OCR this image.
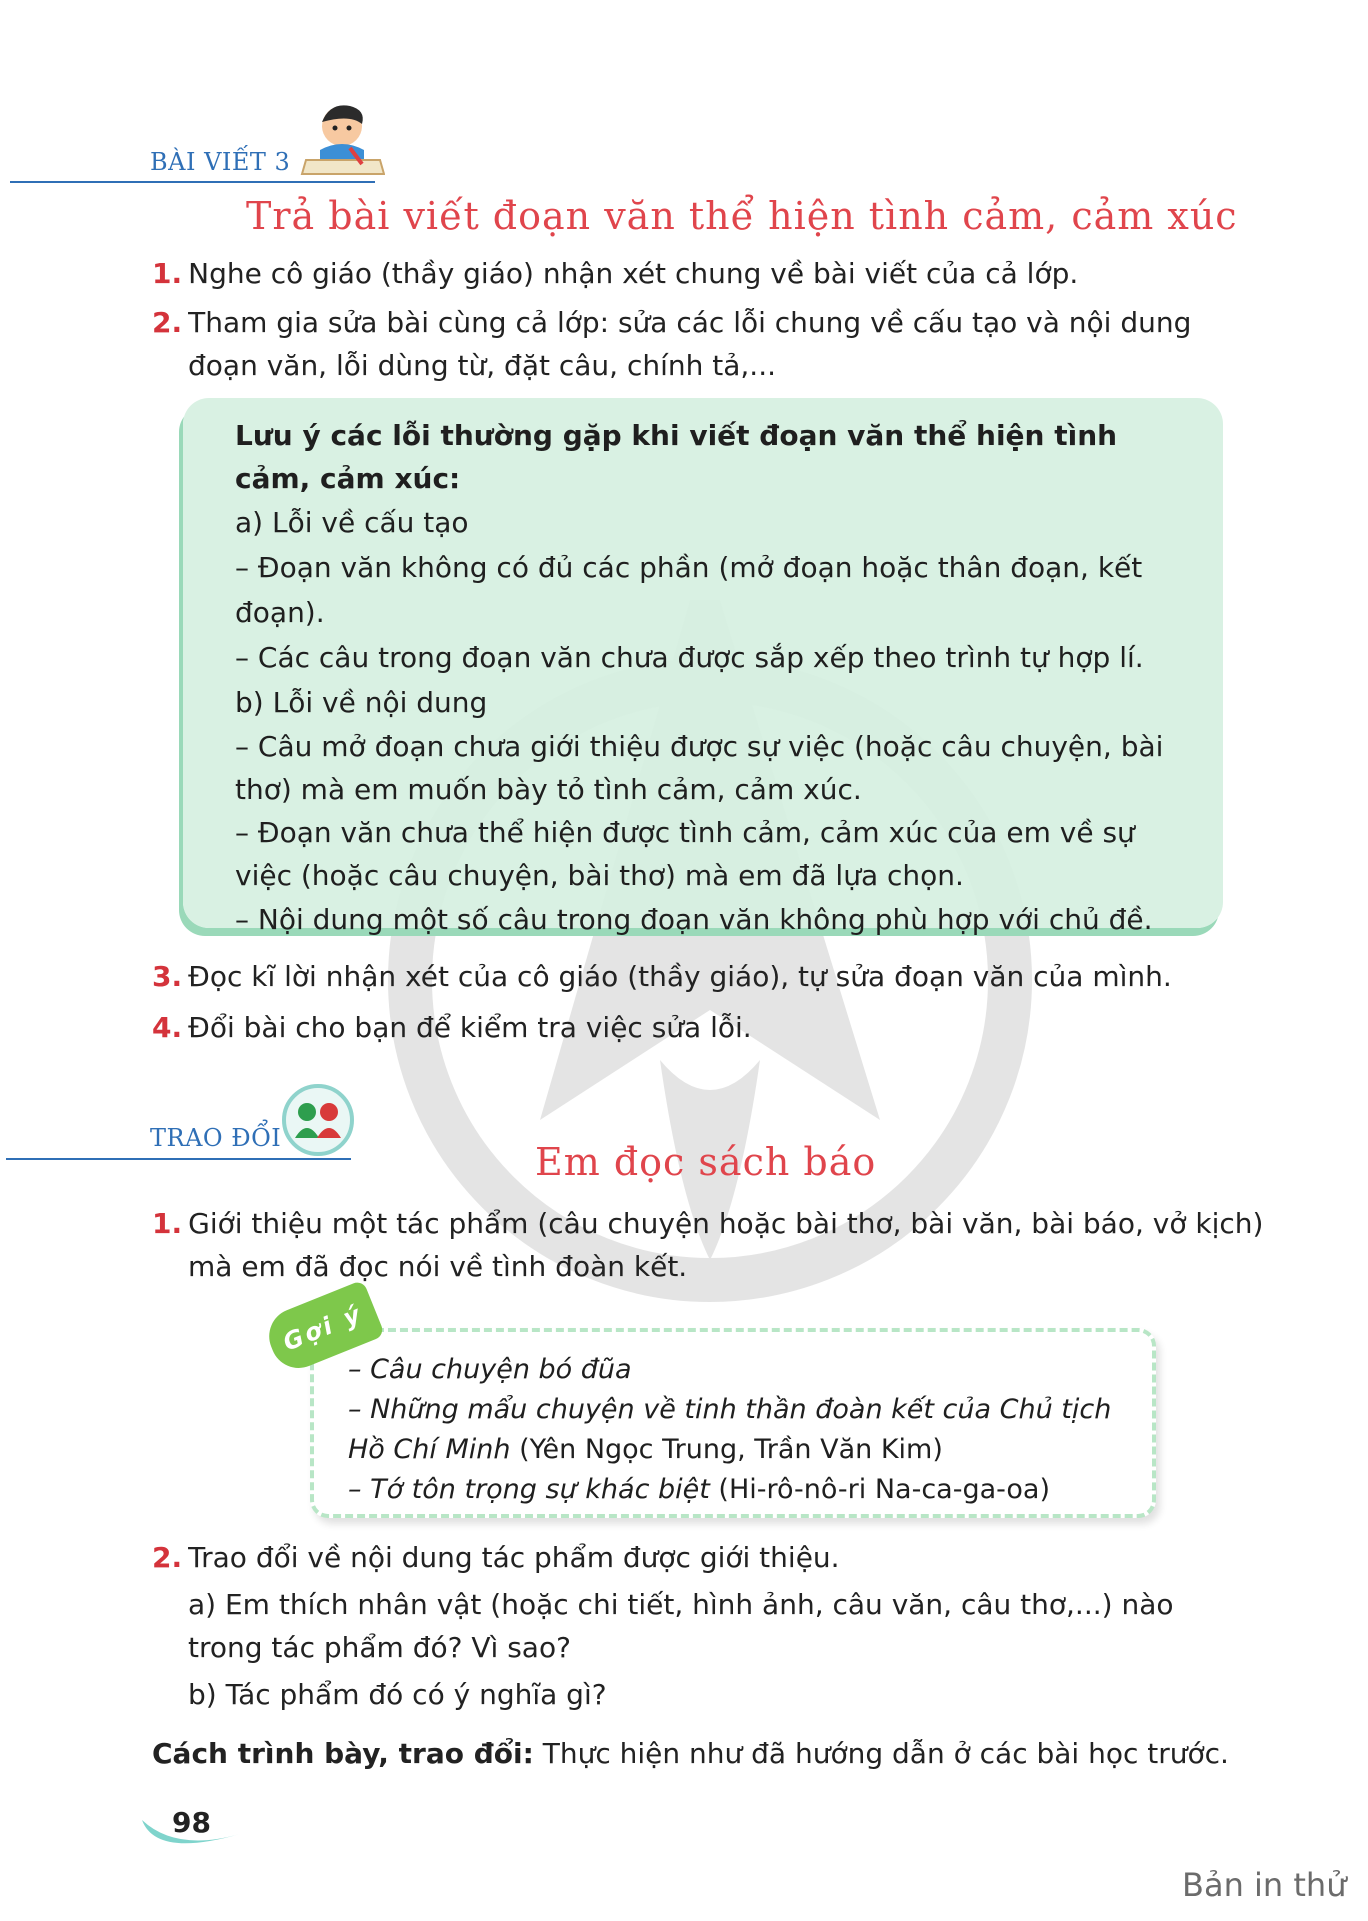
BÀI VIẾT 3
Trả bài viết đoạn văn thể hiện tình cảm, cảm xúc
1. Nghe cô giáo (thầy giáo) nhận xét chung về bài viết của cả lớp.
2. Tham gia sửa bài cùng cả lớp: sửa các lỗi chung về cấu tạo và nội dung đoạn văn, lỗi dùng từ, đặt câu, chính tả,...
Lưu ý các lỗi thường gặp khi viết đoạn văn thể hiện tình cảm, cảm xúc:
a) Lỗi về cấu tạo
– Đoạn văn không có đủ các phần (mở đoạn hoặc thân đoạn, kết đoạn).
– Các câu trong đoạn văn chưa được sắp xếp theo trình tự hợp lí.
b) Lỗi về nội dung
– Câu mở đoạn chưa giới thiệu được sự việc (hoặc câu chuyện, bài thơ) mà em muốn bày tỏ tình cảm, cảm xúc.
– Đoạn văn chưa thể hiện được tình cảm, cảm xúc của em về sự việc (hoặc câu chuyện, bài thơ) mà em đã lựa chọn.
– Nội dung một số câu trong đoạn văn không phù hợp với chủ đề.
3. Đọc kĩ lời nhận xét của cô giáo (thầy giáo), tự sửa đoạn văn của mình.
4. Đổi bài cho bạn để kiểm tra việc sửa lỗi.
TRAO ĐỔI
Em đọc sách báo
1. Giới thiệu một tác phẩm (câu chuyện hoặc bài thơ, bài văn, bài báo, vở kịch) mà em đã đọc nói về tình đoàn kết.
– Câu chuyện bó đũa
– Những mẩu chuyện về tinh thần đoàn kết của Chủ tịch
Hồ Chí Minh (Yên Ngọc Trung, Trần Văn Kim)
– Tớ tôn trọng sự khác biệt (Hi-rô-nô-ri Na-ca-ga-oa)
Gợi ý
2. Trao đổi về nội dung tác phẩm được giới thiệu.
a) Em thích nhân vật (hoặc chi tiết, hình ảnh, câu văn, câu thơ,...) nào trong tác phẩm đó? Vì sao?
b) Tác phẩm đó có ý nghĩa gì?
Cách trình bày, trao đổi: Thực hiện như đã hướng dẫn ở các bài học trước.
98
Bản in thử
